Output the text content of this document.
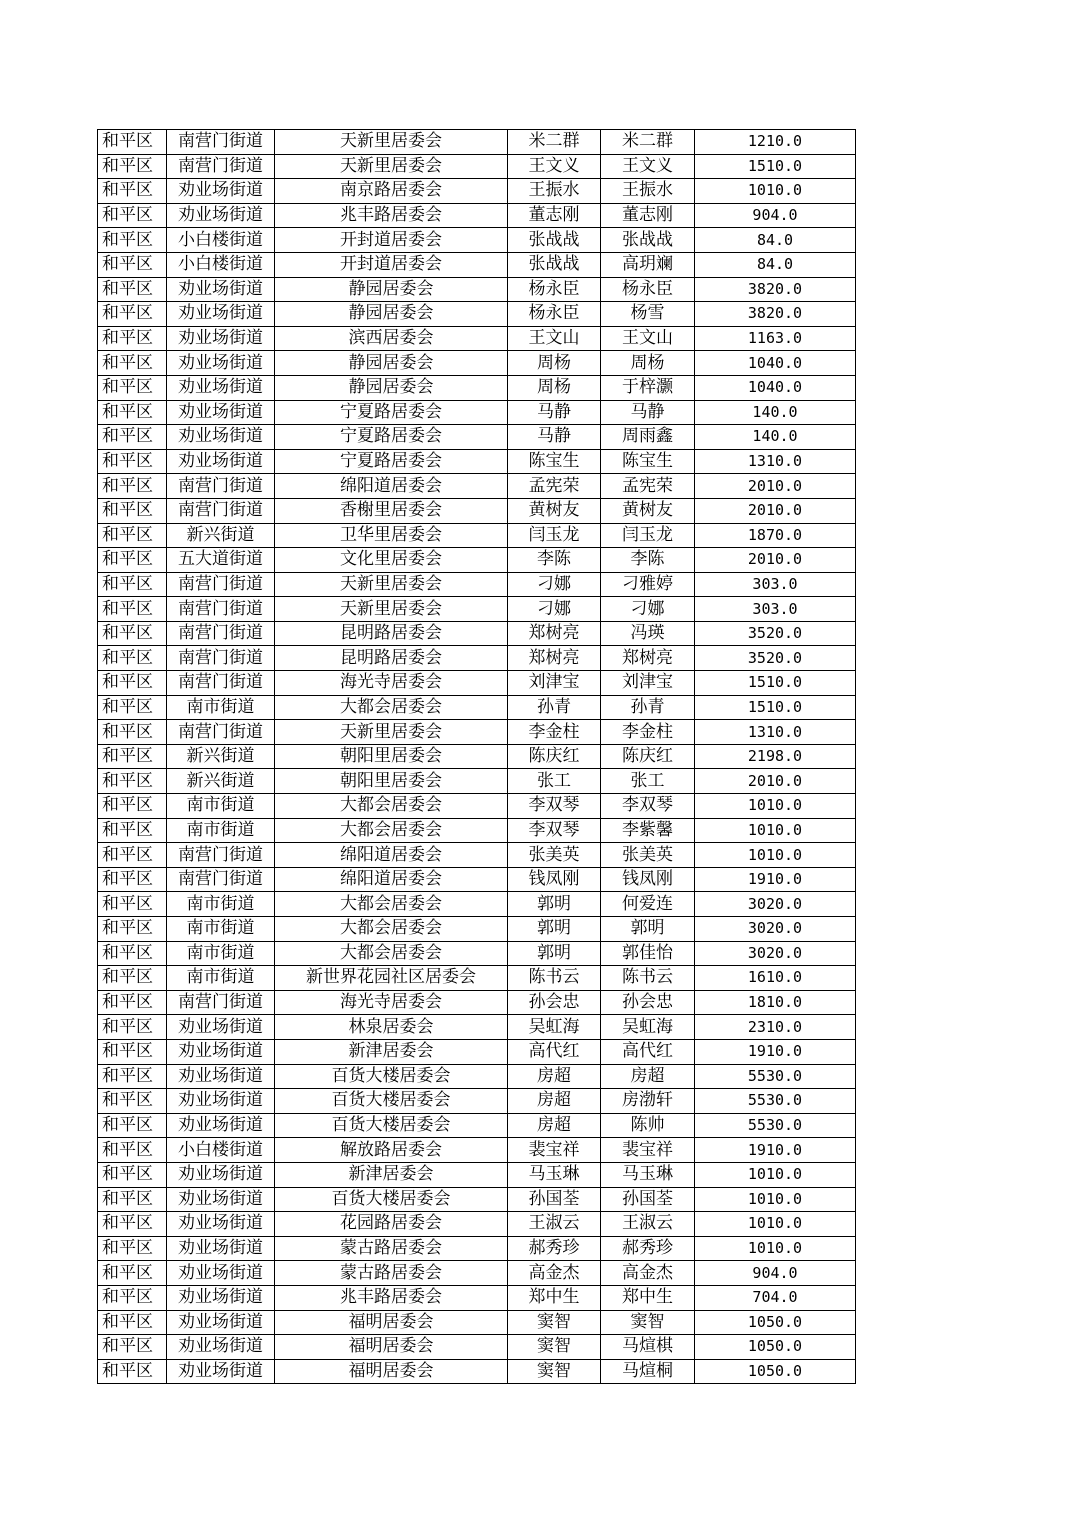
和平区	南营门街道	天新里居委会	米二群	米二群	1210.0
和平区	南营门街道	天新里居委会	王文义	王文义	1510.0
和平区	劝业场街道	南京路居委会	王振水	王振水	1010.0
和平区	劝业场街道	兆丰路居委会	董志刚	董志刚	904.0
和平区	小白楼街道	开封道居委会	张战战	张战战	84.0
和平区	小白楼街道	开封道居委会	张战战	高玥斓	84.0
和平区	劝业场街道	静园居委会	杨永臣	杨永臣	3820.0
和平区	劝业场街道	静园居委会	杨永臣	杨雪	3820.0
和平区	劝业场街道	滨西居委会	王文山	王文山	1163.0
和平区	劝业场街道	静园居委会	周杨	周杨	1040.0
和平区	劝业场街道	静园居委会	周杨	于梓灏	1040.0
和平区	劝业场街道	宁夏路居委会	马静	马静	140.0
和平区	劝业场街道	宁夏路居委会	马静	周雨鑫	140.0
和平区	劝业场街道	宁夏路居委会	陈宝生	陈宝生	1310.0
和平区	南营门街道	绵阳道居委会	孟宪荣	孟宪荣	2010.0
和平区	南营门街道	香榭里居委会	黄树友	黄树友	2010.0
和平区	新兴街道	卫华里居委会	闫玉龙	闫玉龙	1870.0
和平区	五大道街道	文化里居委会	李陈	李陈	2010.0
和平区	南营门街道	天新里居委会	刁娜	刁雅婷	303.0
和平区	南营门街道	天新里居委会	刁娜	刁娜	303.0
和平区	南营门街道	昆明路居委会	郑树亮	冯瑛	3520.0
和平区	南营门街道	昆明路居委会	郑树亮	郑树亮	3520.0
和平区	南营门街道	海光寺居委会	刘津宝	刘津宝	1510.0
和平区	南市街道	大都会居委会	孙青	孙青	1510.0
和平区	南营门街道	天新里居委会	李金柱	李金柱	1310.0
和平区	新兴街道	朝阳里居委会	陈庆红	陈庆红	2198.0
和平区	新兴街道	朝阳里居委会	张工	张工	2010.0
和平区	南市街道	大都会居委会	李双琴	李双琴	1010.0
和平区	南市街道	大都会居委会	李双琴	李紫馨	1010.0
和平区	南营门街道	绵阳道居委会	张美英	张美英	1010.0
和平区	南营门街道	绵阳道居委会	钱凤刚	钱凤刚	1910.0
和平区	南市街道	大都会居委会	郭明	何爱连	3020.0
和平区	南市街道	大都会居委会	郭明	郭明	3020.0
和平区	南市街道	大都会居委会	郭明	郭佳怡	3020.0
和平区	南市街道	新世界花园社区居委会	陈书云	陈书云	1610.0
和平区	南营门街道	海光寺居委会	孙会忠	孙会忠	1810.0
和平区	劝业场街道	林泉居委会	吴虹海	吴虹海	2310.0
和平区	劝业场街道	新津居委会	高代红	高代红	1910.0
和平区	劝业场街道	百货大楼居委会	房超	房超	5530.0
和平区	劝业场街道	百货大楼居委会	房超	房渤轩	5530.0
和平区	劝业场街道	百货大楼居委会	房超	陈帅	5530.0
和平区	小白楼街道	解放路居委会	裴宝祥	裴宝祥	1910.0
和平区	劝业场街道	新津居委会	马玉琳	马玉琳	1010.0
和平区	劝业场街道	百货大楼居委会	孙国荃	孙国荃	1010.0
和平区	劝业场街道	花园路居委会	王淑云	王淑云	1010.0
和平区	劝业场街道	蒙古路居委会	郝秀珍	郝秀珍	1010.0
和平区	劝业场街道	蒙古路居委会	高金杰	高金杰	904.0
和平区	劝业场街道	兆丰路居委会	郑中生	郑中生	704.0
和平区	劝业场街道	福明居委会	窦智	窦智	1050.0
和平区	劝业场街道	福明居委会	窦智	马煊棋	1050.0
和平区	劝业场街道	福明居委会	窦智	马煊桐	1050.0
